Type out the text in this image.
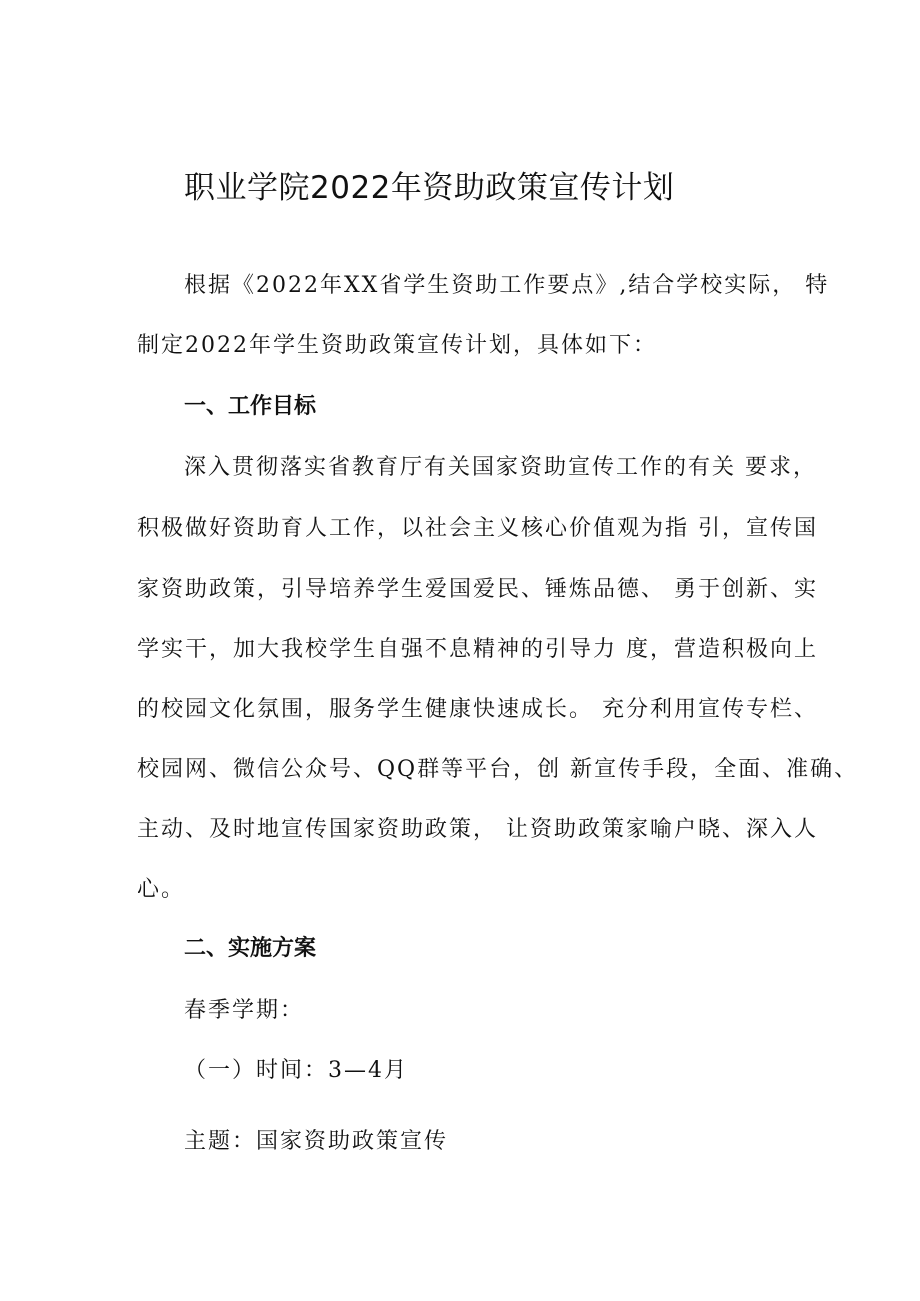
职业学院2022年资助政策宣传计划

根据《2022年XX省学生资助工作要点》,结合学校实际， 特

制定2022年学生资助政策宣传计划，具体如下：

一、工作目标

深入贯彻落实省教育厅有关国家资助宣传工作的有关 要求，

积极做好资助育人工作，以社会主义核心价值观为指 引，宣传国

家资助政策，引导培养学生爱国爱民、锤炼品德、 勇于创新、实

学实干，加大我校学生自强不息精神的引导力 度，营造积极向上

的校园文化氛围，服务学生健康快速成长。 充分利用宣传专栏、

校园网、微信公众号、QQ群等平台，创 新宣传手段，全面、准确、

主动、及时地宣传国家资助政策， 让资助政策家喻户晓、深入人

心。

二、实施方案

春季学期：

（一）时间：3—4月

主题：国家资助政策宣传
